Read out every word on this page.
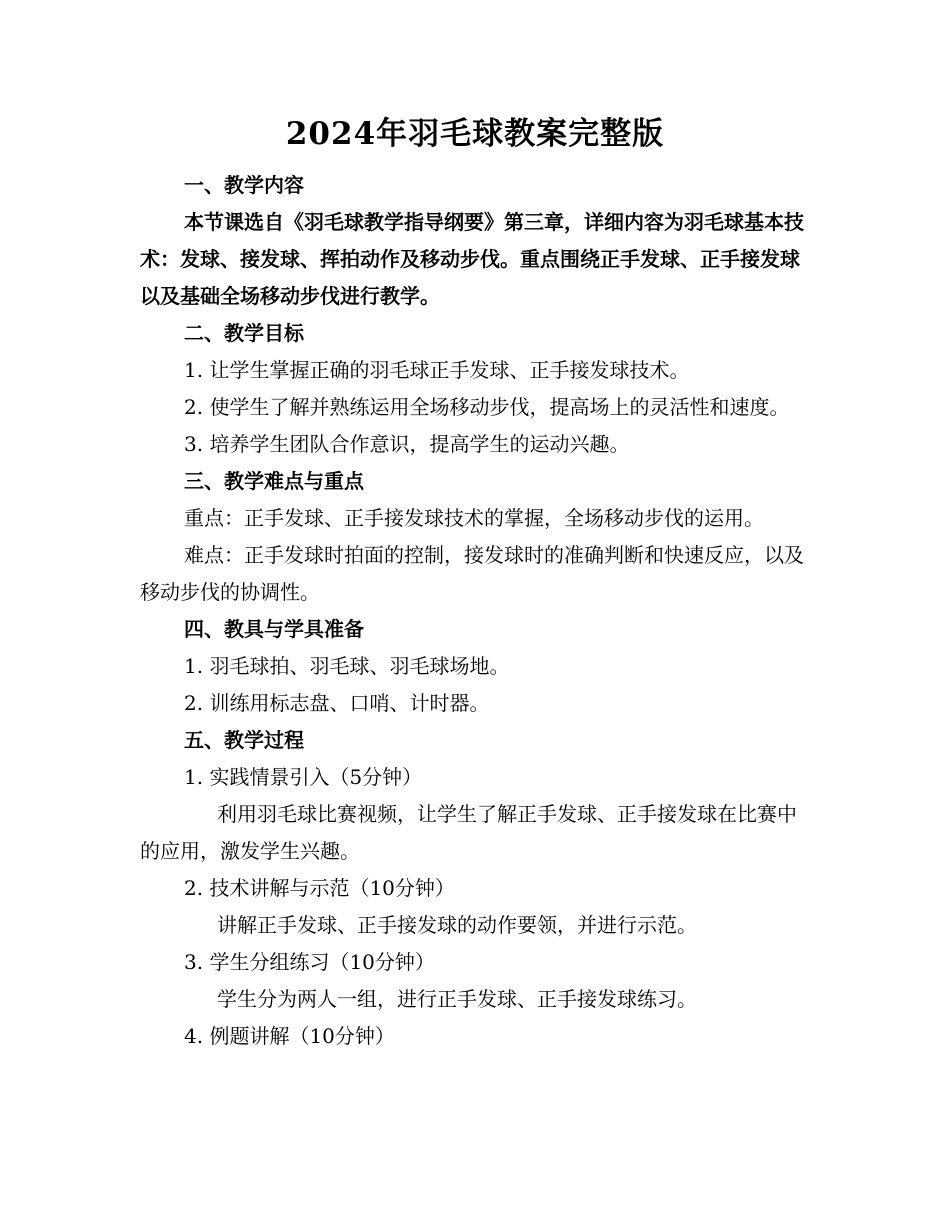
2024年羽毛球教案完整版

一、教学内容

本节课选自《羽毛球教学指导纲要》第三章，详细内容为羽毛球基本技术：发球、接发球、挥拍动作及移动步伐。重点围绕正手发球、正手接发球以及基础全场移动步伐进行教学。

二、教学目标

1. 让学生掌握正确的羽毛球正手发球、正手接发球技术。

2. 使学生了解并熟练运用全场移动步伐，提高场上的灵活性和速度。

3. 培养学生团队合作意识，提高学生的运动兴趣。

三、教学难点与重点

重点：正手发球、正手接发球技术的掌握，全场移动步伐的运用。

难点：正手发球时拍面的控制，接发球时的准确判断和快速反应，以及移动步伐的协调性。

四、教具与学具准备

1. 羽毛球拍、羽毛球、羽毛球场地。

2. 训练用标志盘、口哨、计时器。

五、教学过程

1. 实践情景引入（5分钟）

利用羽毛球比赛视频，让学生了解正手发球、正手接发球在比赛中的应用，激发学生兴趣。

2. 技术讲解与示范（10分钟）

讲解正手发球、正手接发球的动作要领，并进行示范。

3. 学生分组练习（10分钟）

学生分为两人一组，进行正手发球、正手接发球练习。

4. 例题讲解（10分钟）
